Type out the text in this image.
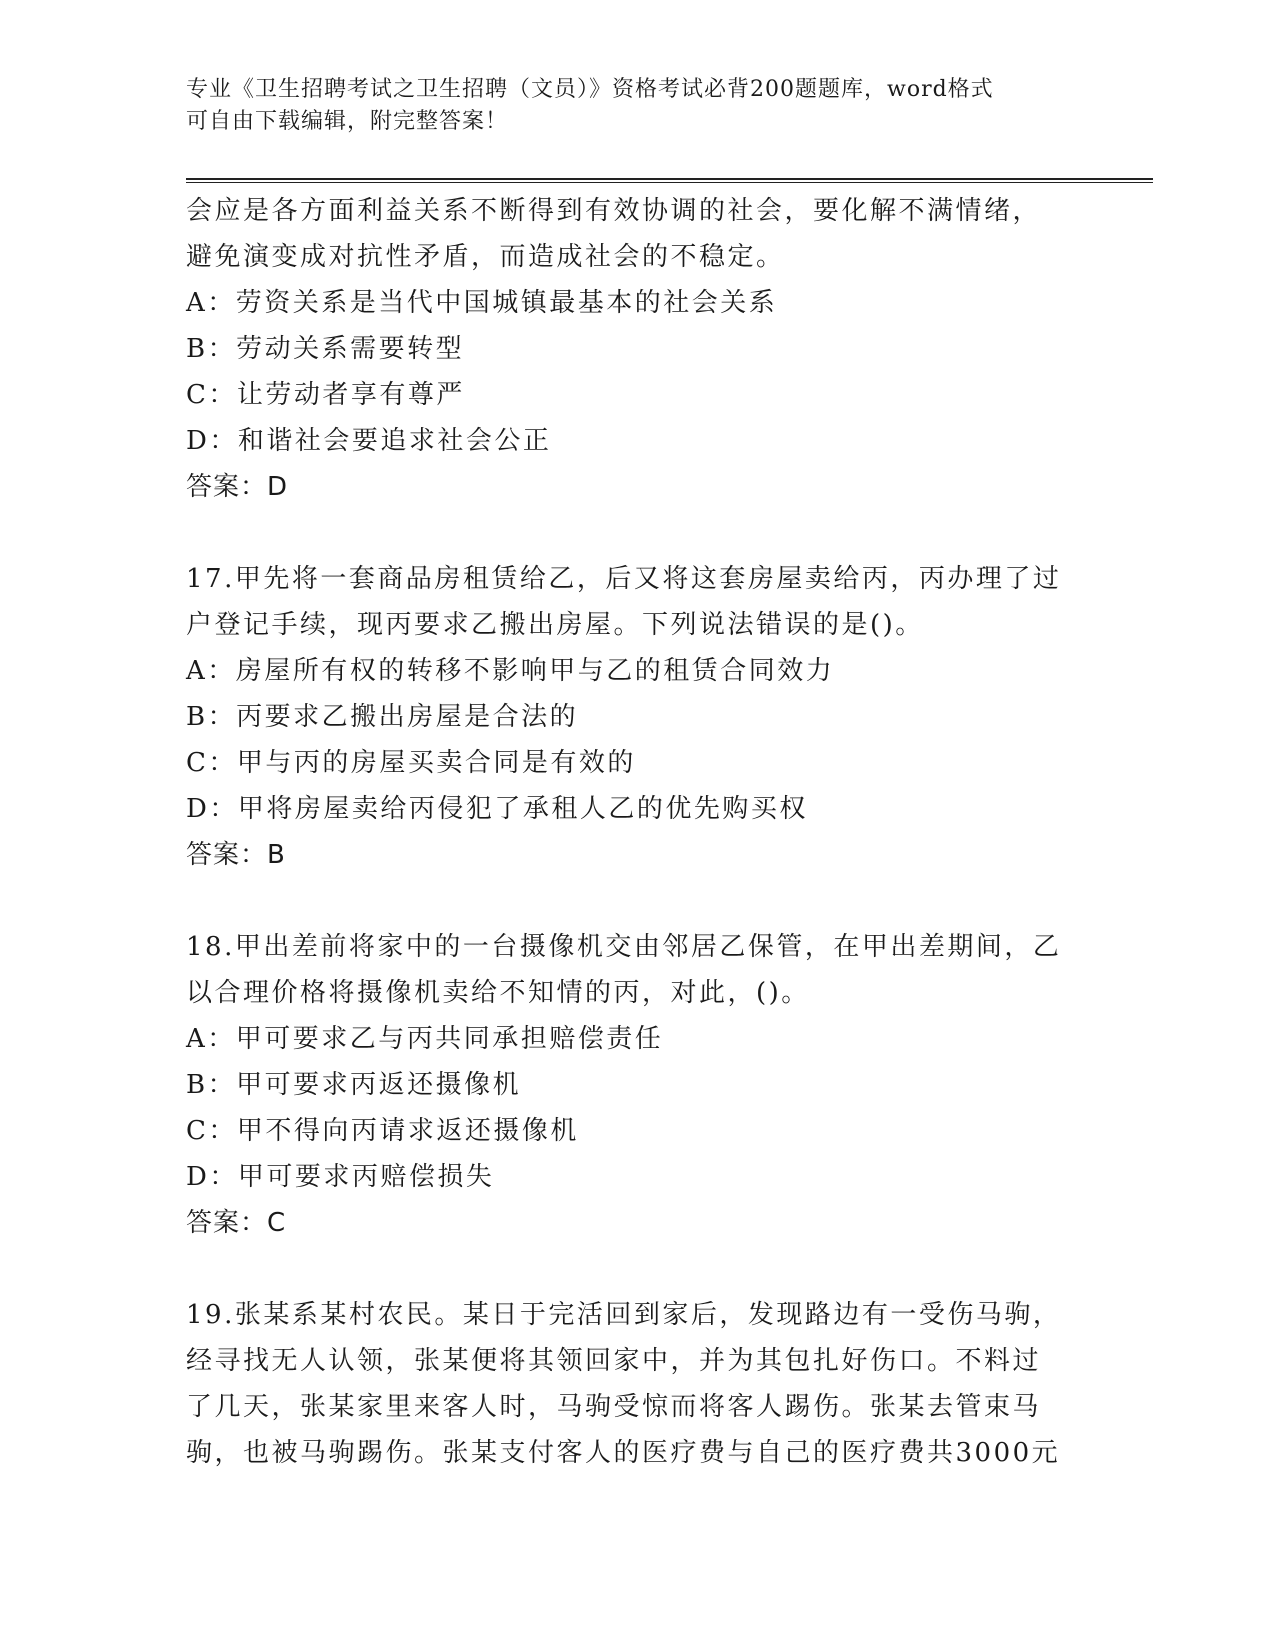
专业《卫生招聘考试之卫生招聘（文员）》资格考试必背200题题库，word格式
可自由下载编辑，附完整答案！

会应是各方面利益关系不断得到有效协调的社会，要化解不满情绪，

避免演变成对抗性矛盾，而造成社会的不稳定。

A：劳资关系是当代中国城镇最基本的社会关系

B：劳动关系需要转型

C：让劳动者享有尊严

D：和谐社会要追求社会公正

答案：D

17.甲先将一套商品房租赁给乙，后又将这套房屋卖给丙，丙办理了过

户登记手续，现丙要求乙搬出房屋。下列说法错误的是()。

A：房屋所有权的转移不影响甲与乙的租赁合同效力

B：丙要求乙搬出房屋是合法的

C：甲与丙的房屋买卖合同是有效的

D：甲将房屋卖给丙侵犯了承租人乙的优先购买权

答案：B

18.甲出差前将家中的一台摄像机交由邻居乙保管，在甲出差期间，乙

以合理价格将摄像机卖给不知情的丙，对此，()。

A：甲可要求乙与丙共同承担赔偿责任

B：甲可要求丙返还摄像机

C：甲不得向丙请求返还摄像机

D：甲可要求丙赔偿损失

答案：C

19.张某系某村农民。某日于完活回到家后，发现路边有一受伤马驹，

经寻找无人认领，张某便将其领回家中，并为其包扎好伤口。不料过

了几天，张某家里来客人时，马驹受惊而将客人踢伤。张某去管束马

驹，也被马驹踢伤。张某支付客人的医疗费与自己的医疗费共3000元
